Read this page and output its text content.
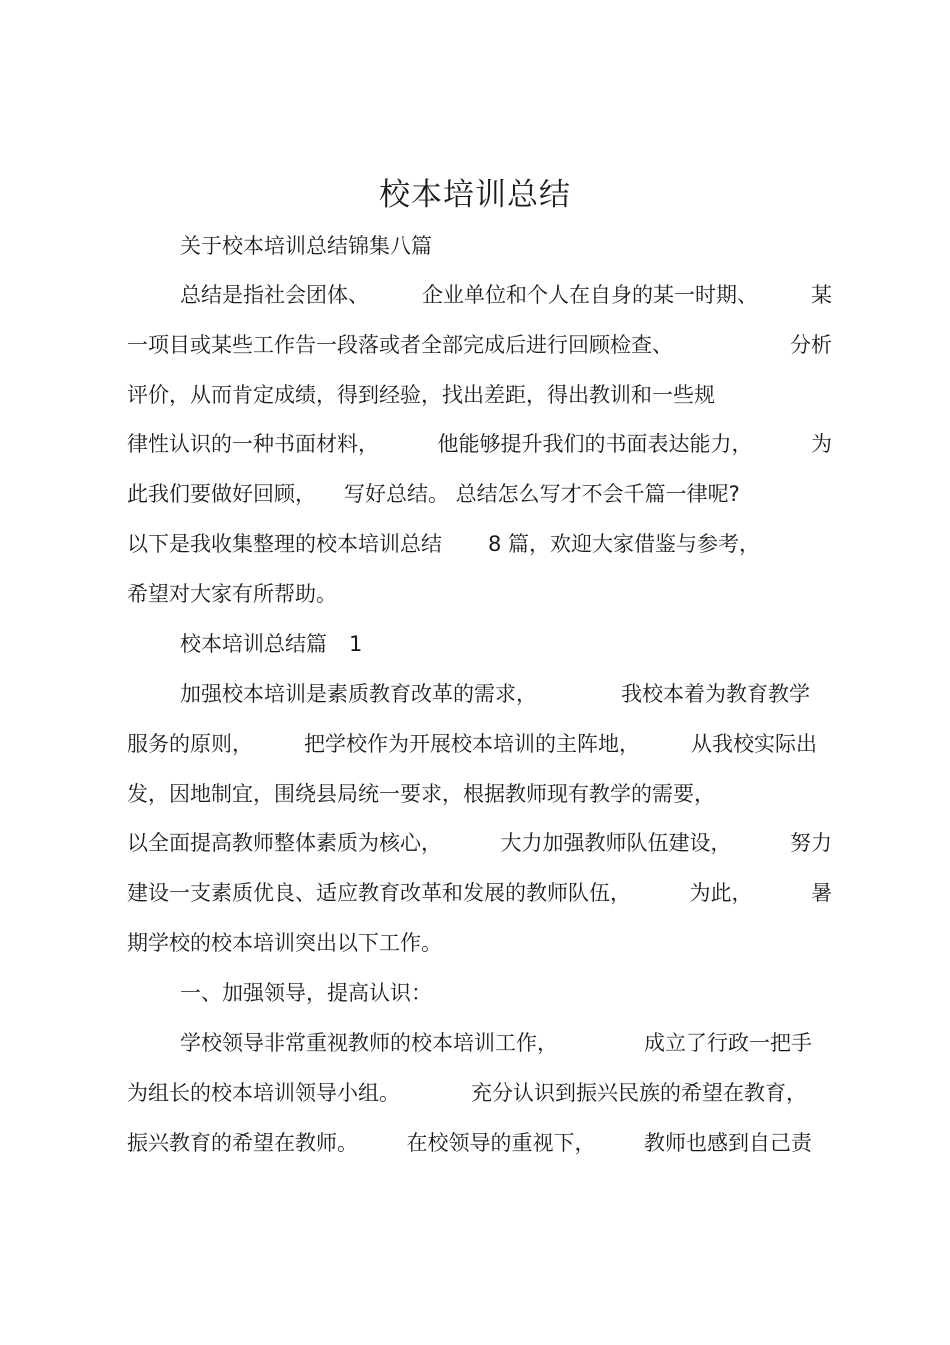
校本培训总结
关于校本培训总结锦集八篇
总结是指社会团体、	企业单位和个人在自身的某一时期、	某
一项目或某些工作告一段落或者全部完成后进行回顾检查、	分析
评价，从而肯定成绩，得到经验，找出差距，得出教训和一些规
律性认识的一种书面材料，	他能够提升我们的书面表达能力，	为
此我们要做好回顾， 写好总结。 总结怎么写才不会千篇一律呢?
以下是我收集整理的校本培训总结 8 篇，欢迎大家借鉴与参考，
希望对大家有所帮助。
校本培训总结篇 1
加强校本培训是素质教育改革的需求，	我校本着为教育教学
服务的原则， 把学校作为开展校本培训的主阵地， 从我校实际出
发，因地制宜，围绕县局统一要求，根据教师现有教学的需要，
以全面提高教师整体素质为核心，	大力加强教师队伍建设，	努力
建设一支素质优良、适应教育改革和发展的教师队伍，	为此，	暑
期学校的校本培训突出以下工作。
一、加强领导，提高认识：
学校领导非常重视教师的校本培训工作，	成立了行政一把手
为组长的校本培训领导小组。	充分认识到振兴民族的希望在教育，
振兴教育的希望在教师。 在校领导的重视下， 教师也感到自己责
